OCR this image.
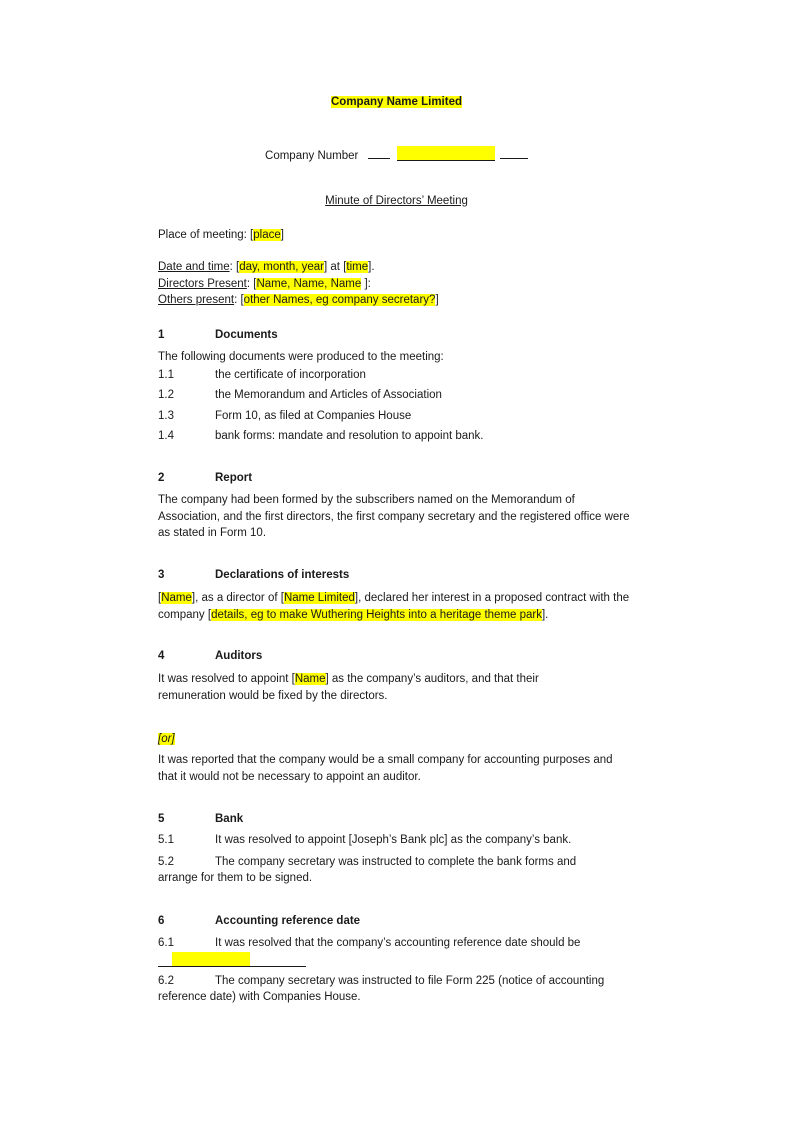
Company Name Limited
Company Number
Minute of Directors’ Meeting
Place of meeting: [place]
Date and time: [day, month, year] at [time].
Directors Present: [Name, Name, Name ]:
Others present: [other Names, eg company secretary?]
1	Documents
The following documents were produced to the meeting:
1.1	the certificate of incorporation
1.2	the Memorandum and Articles of Association
1.3	Form 10, as filed at Companies House
1.4	bank forms: mandate and resolution to appoint bank.
2	Report
The company had been formed by the subscribers named on the Memorandum of Association, and the first directors, the first company secretary and the registered office were as stated in Form 10.
3	Declarations of interests
[Name], as a director of [Name Limited], declared her interest in a proposed contract with the company [details, eg to make Wuthering Heights into a heritage theme park].
4	Auditors
It was resolved to appoint [Name] as the company’s auditors, and that their remuneration would be fixed by the directors.
[or]
It was reported that the company would be a small company for accounting purposes and that it would not be necessary to appoint an auditor.
5	Bank
5.1	It was resolved to appoint [Joseph’s Bank plc] as the company’s bank.
5.2	The company secretary was instructed to complete the bank forms and
arrange for them to be signed.
6	Accounting reference date
6.1	It was resolved that the company’s accounting reference date should be
6.2	The company secretary was instructed to file Form 225 (notice of accounting
reference date) with Companies House.
